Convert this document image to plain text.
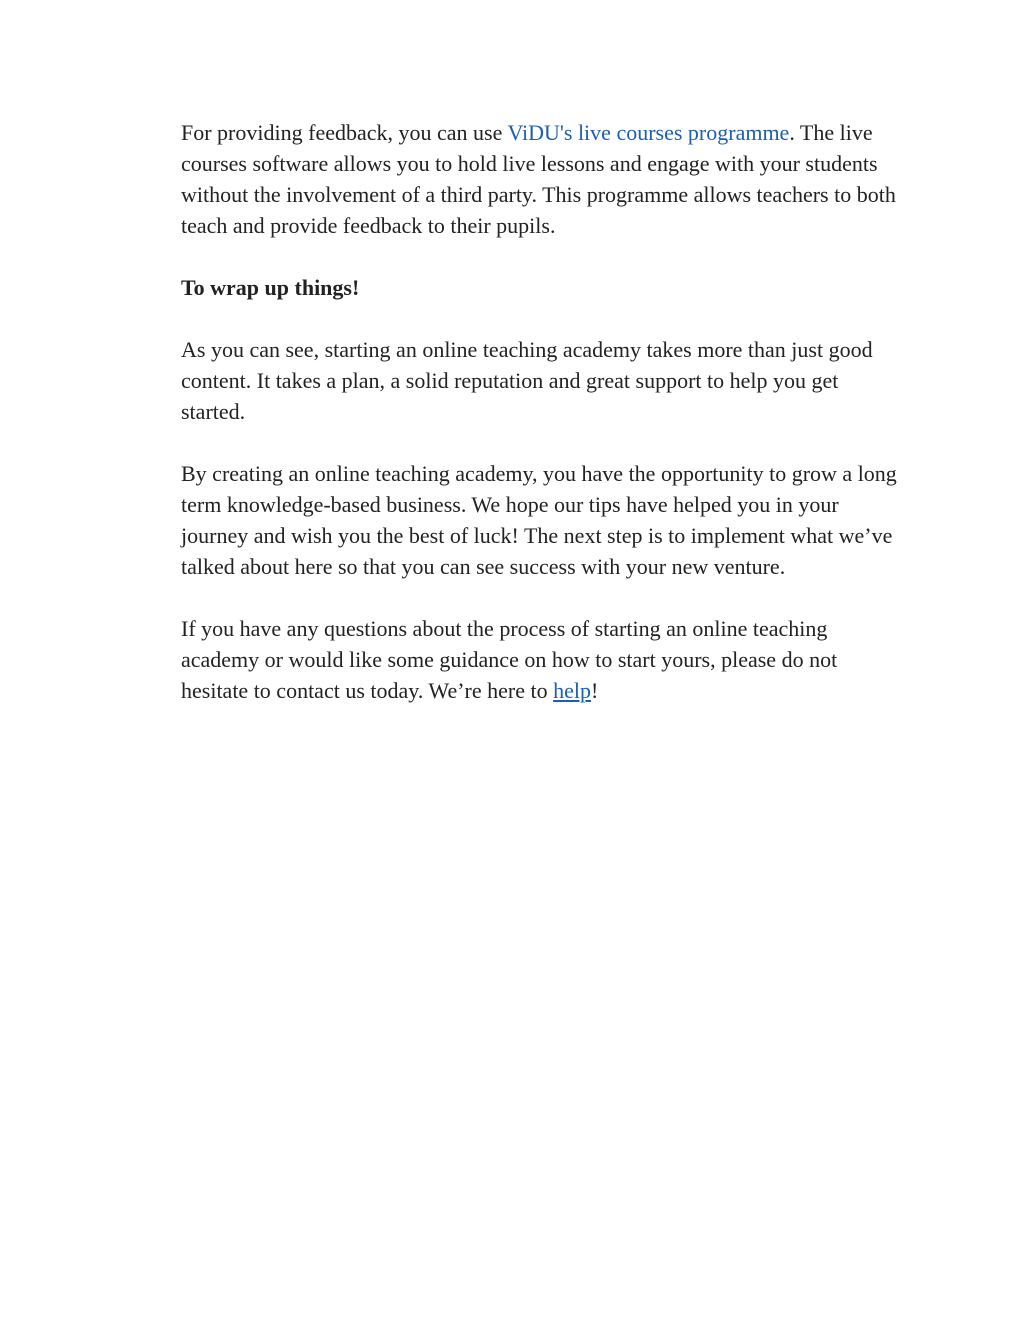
For providing feedback, you can use ViDU's live courses programme. The live courses software allows you to hold live lessons and engage with your students without the involvement of a third party. This programme allows teachers to both teach and provide feedback to their pupils.

To wrap up things!

As you can see, starting an online teaching academy takes more than just good content. It takes a plan, a solid reputation and great support to help you get started.

By creating an online teaching academy, you have the opportunity to grow a long term knowledge-based business. We hope our tips have helped you in your journey and wish you the best of luck! The next step is to implement what we’ve talked about here so that you can see success with your new venture.

If you have any questions about the process of starting an online teaching academy or would like some guidance on how to start yours, please do not hesitate to contact us today. We’re here to help!
